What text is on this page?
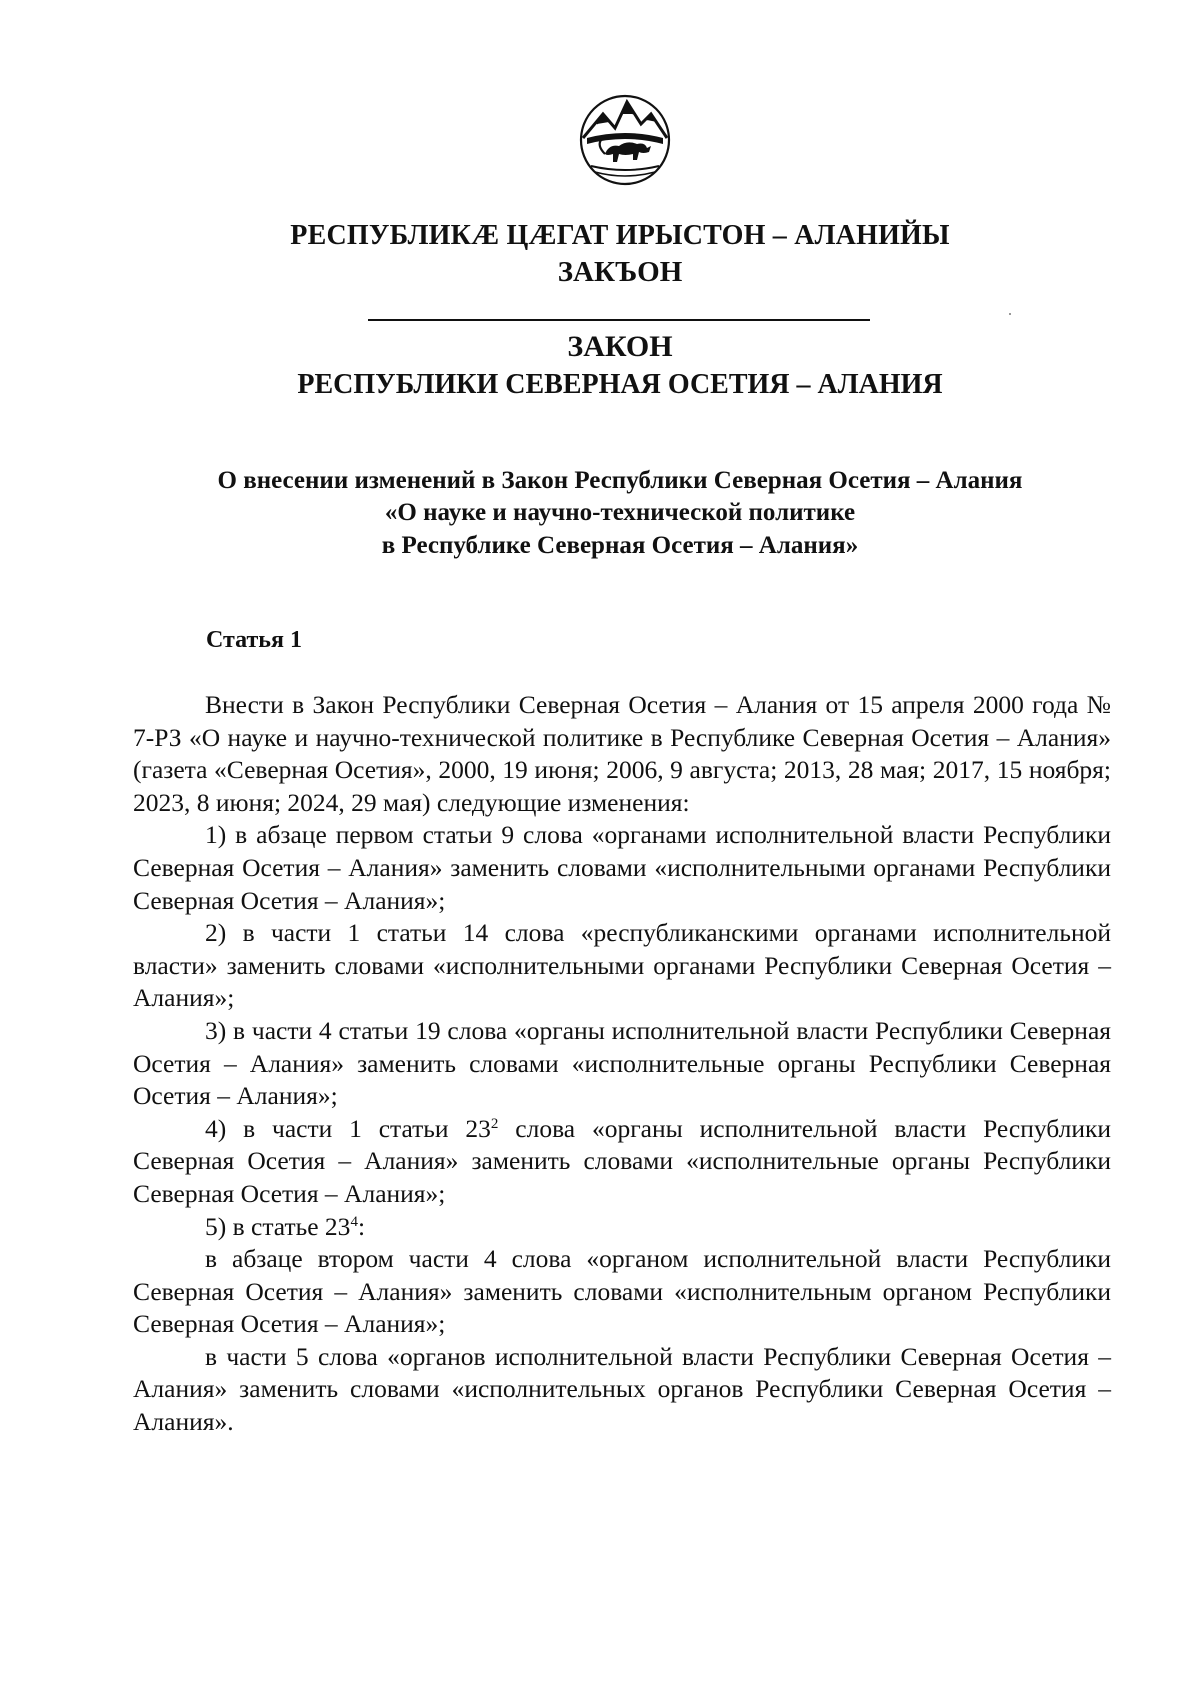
РЕСПУБЛИКÆ ЦÆГАТ ИРЫСТОН – АЛАНИЙЫ
ЗАКЪОН
ЗАКОН
РЕСПУБЛИКИ СЕВЕРНАЯ ОСЕТИЯ – АЛАНИЯ
О внесении изменений в Закон Республики Северная Осетия – Алания
«О науке и научно-технической политике
в Республике Северная Осетия – Алания»
Статья 1

Внести в Закон Республики Северная Осетия – Алания от 15 апреля 2000 года № 7-РЗ «О науке и научно-технической политике в Республике Северная Осетия – Алания» (газета «Северная Осетия», 2000, 19 июня; 2006, 9 августа; 2013, 28 мая; 2017, 15 ноября; 2023, 8 июня; 2024, 29 мая) следующие изменения:

1) в абзаце первом статьи 9 слова «органами исполнительной власти Республики Северная Осетия – Алания» заменить словами «исполнительными органами Республики Северная Осетия – Алания»;

2) в части 1 статьи 14 слова «республиканскими органами исполнительной власти» заменить словами «исполнительными органами Республики Северная Осетия – Алания»;

3) в части 4 статьи 19 слова «органы исполнительной власти Республики Северная Осетия – Алания» заменить словами «исполнительные органы Республики Северная Осетия – Алания»;

4) в части 1 статьи $23^2$ слова «органы исполнительной власти Республики Северная Осетия – Алания» заменить словами «исполнительные органы Республики Северная Осетия – Алания»;

5) в статье $23^4$:

в абзаце втором части 4 слова «органом исполнительной власти Республики Северная Осетия – Алания» заменить словами «исполнительным органом Республики Северная Осетия – Алания»;

в части 5 слова «органов исполнительной власти Республики Северная Осетия – Алания» заменить словами «исполнительных органов Республики Северная Осетия – Алания».
